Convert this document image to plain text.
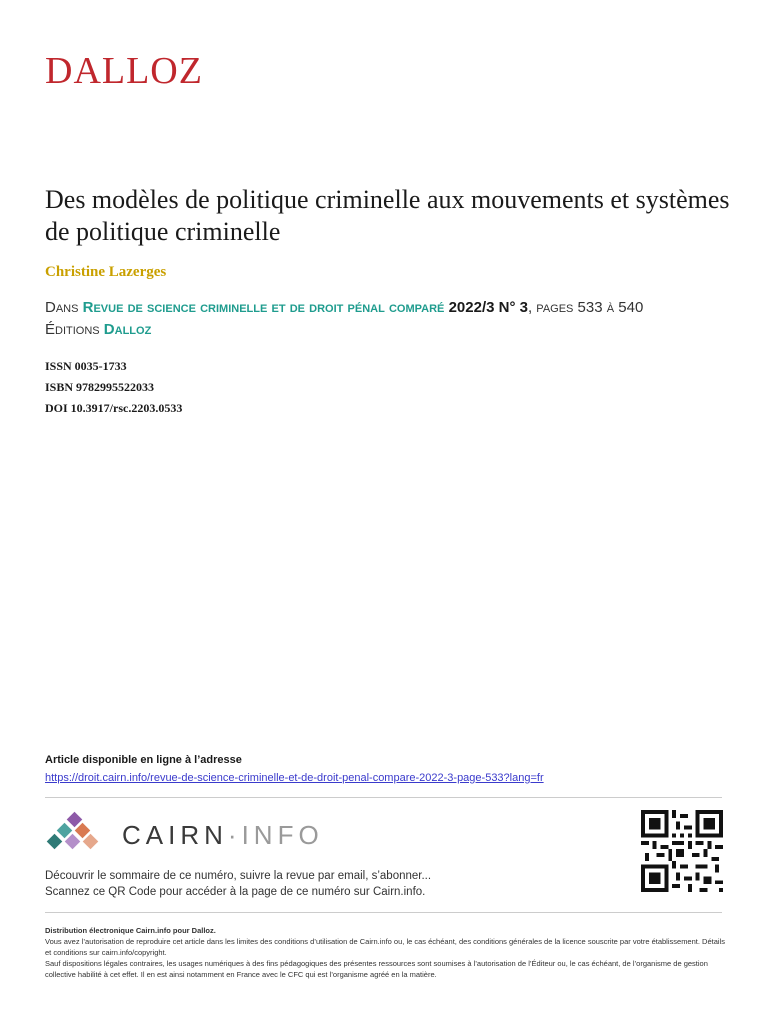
DALLOZ
Des modèles de politique criminelle aux mouvements et systèmes de politique criminelle
Christine Lazerges
Dans Revue de science criminelle et de droit pénal comparé 2022/3 N° 3, pages 533 à 540
Éditions Dalloz
ISSN 0035-1733
ISBN 9782995522033
DOI 10.3917/rsc.2203.0533
Article disponible en ligne à l’adresse
https://droit.cairn.info/revue-de-science-criminelle-et-de-droit-penal-compare-2022-3-page-533?lang=fr
CAIRN·INFO
Découvrir le sommaire de ce numéro, suivre la revue par email, s’abonner...
Scannez ce QR Code pour accéder à la page de ce numéro sur Cairn.info.
Distribution électronique Cairn.info pour Dalloz.
Vous avez l’autorisation de reproduire cet article dans les limites des conditions d’utilisation de Cairn.info ou, le cas échéant, des conditions générales de la licence souscrite par votre établissement. Détails et conditions sur cairn.info/copyright.
Sauf dispositions légales contraires, les usages numériques à des fins pédagogiques des présentes ressources sont soumises à l’autorisation de l’Éditeur ou, le cas échéant, de l’organisme de gestion collective habilité à cet effet. Il en est ainsi notamment en France avec le CFC qui est l’organisme agréé en la matière.
